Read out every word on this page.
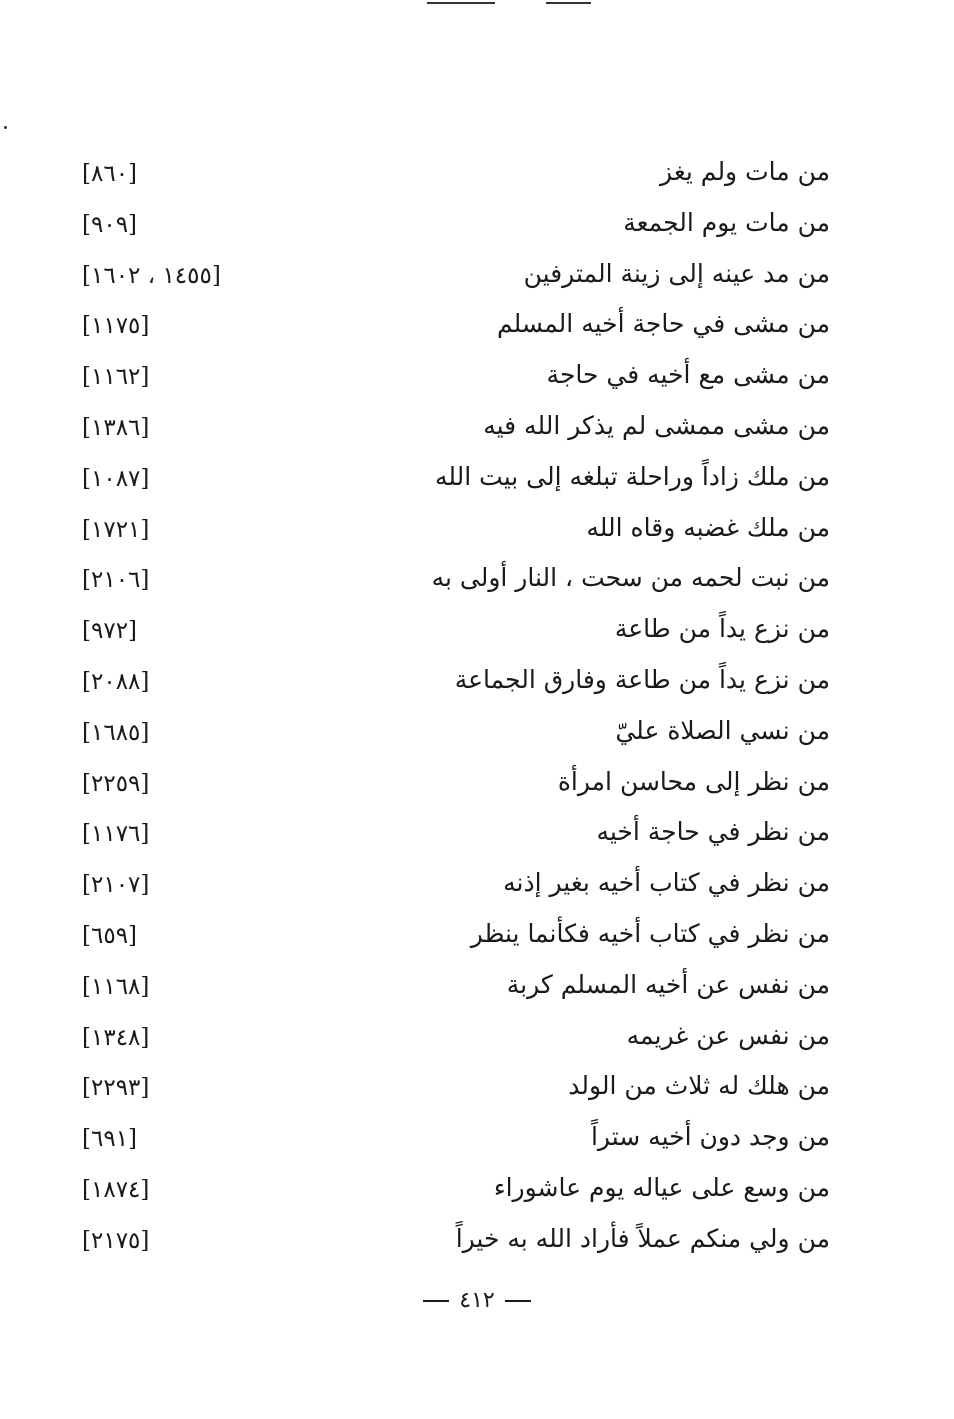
من مات ولم يغز
[٨٦٠]
من مات يوم الجمعة
[٩٠٩]
من مد عينه إلى زينة المترفين
[١٤٥٥ ، ١٦٠٢]
من مشى في حاجة أخيه المسلم
[١١٧٥]
من مشى مع أخيه في حاجة
[١١٦٢]
من مشى ممشى لم يذكر الله فيه
[١٣٨٦]
من ملك زاداً وراحلة تبلغه إلى بيت الله
[١٠٨٧]
من ملك غضبه وقاه الله
[١٧٢١]
من نبت لحمه من سحت ، النار أولى به
[٢١٠٦]
من نزع يداً من طاعة
[٩٧٢]
من نزع يداً من طاعة وفارق الجماعة
[٢٠٨٨]
من نسي الصلاة عليّ
[١٦٨٥]
من نظر إلى محاسن امرأة
[٢٢٥٩]
من نظر في حاجة أخيه
[١١٧٦]
من نظر في كتاب أخيه بغير إذنه
[٢١٠٧]
من نظر في كتاب أخيه فكأنما ينظر
[٦٥٩]
من نفس عن أخيه المسلم كربة
[١١٦٨]
من نفس عن غريمه
[١٣٤٨]
من هلك له ثلاث من الولد
[٢٢٩٣]
من وجد دون أخيه ستراً
[٦٩١]
من وسع على عياله يوم عاشوراء
[١٨٧٤]
من ولي منكم عملاً فأراد الله به خيراً
[٢١٧٥]
٤١٢
